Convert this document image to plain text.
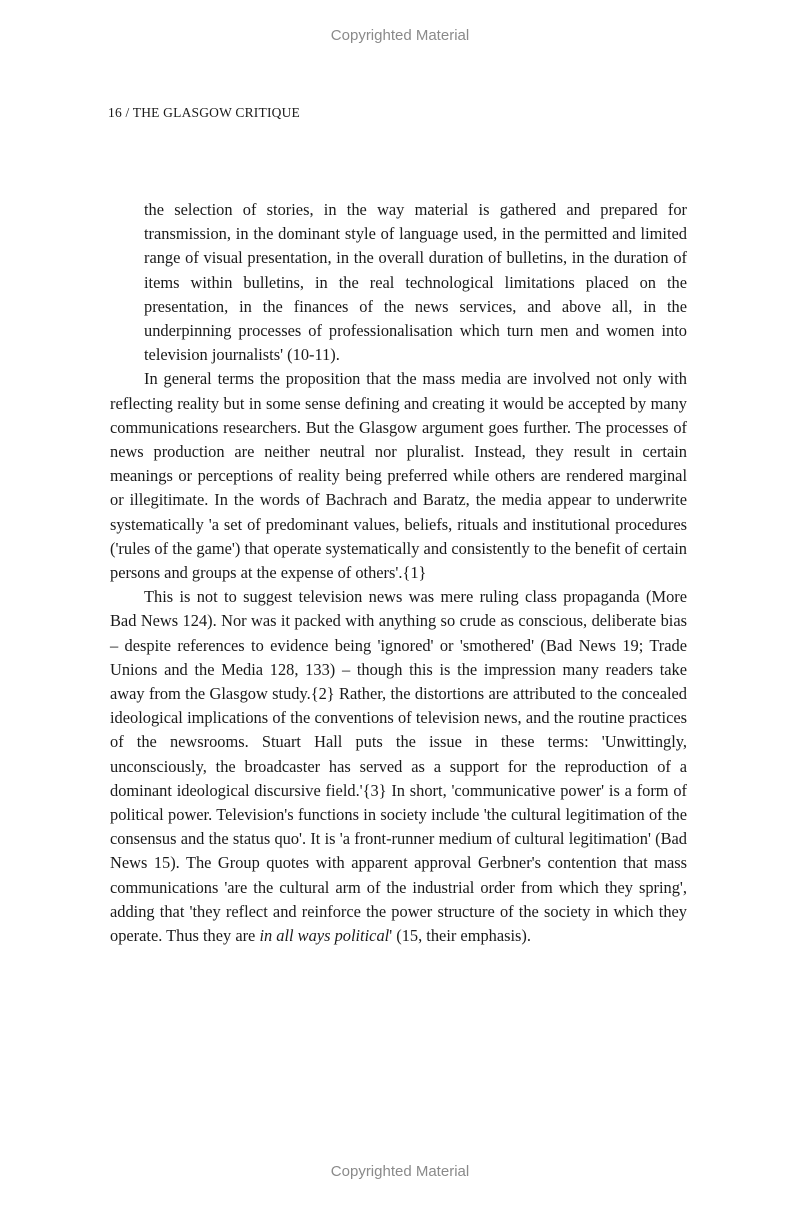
Copyrighted Material
16 / THE GLASGOW CRITIQUE

the selection of stories, in the way material is gathered and prepared for transmission, in the dominant style of language used, in the permitted and limited range of visual presentation, in the overall duration of bulletins, in the duration of items within bulletins, in the real technological limitations placed on the presentation, in the finances of the news services, and above all, in the underpinning processes of professionalisation which turn men and women into television journalists' (10-11).

In general terms the proposition that the mass media are involved not only with reflecting reality but in some sense defining and creating it would be accepted by many communications researchers. But the Glasgow argument goes further. The processes of news production are neither neutral nor pluralist. Instead, they result in certain meanings or perceptions of reality being preferred while others are rendered marginal or illegitimate. In the words of Bachrach and Baratz, the media appear to underwrite systematically 'a set of predominant values, beliefs, rituals and institutional procedures ('rules of the game') that operate systematically and consistently to the benefit of certain persons and groups at the expense of others'.{1}

This is not to suggest television news was mere ruling class propaganda (More Bad News 124). Nor was it packed with anything so crude as conscious, deliberate bias – despite references to evidence being 'ignored' or 'smothered' (Bad News 19; Trade Unions and the Media 128, 133) – though this is the impression many readers take away from the Glasgow study.{2} Rather, the distortions are attributed to the concealed ideological implications of the conventions of television news, and the routine practices of the newsrooms. Stuart Hall puts the issue in these terms: 'Unwittingly, unconsciously, the broadcaster has served as a support for the reproduction of a dominant ideological discursive field.'{3} In short, 'communicative power' is a form of political power. Television's functions in society include 'the cultural legitimation of the consensus and the status quo'. It is 'a front-runner medium of cultural legitimation' (Bad News 15). The Group quotes with apparent approval Gerbner's contention that mass communications 'are the cultural arm of the industrial order from which they spring', adding that 'they reflect and reinforce the power structure of the society in which they operate. Thus they are in all ways political' (15, their emphasis).

Copyrighted Material
